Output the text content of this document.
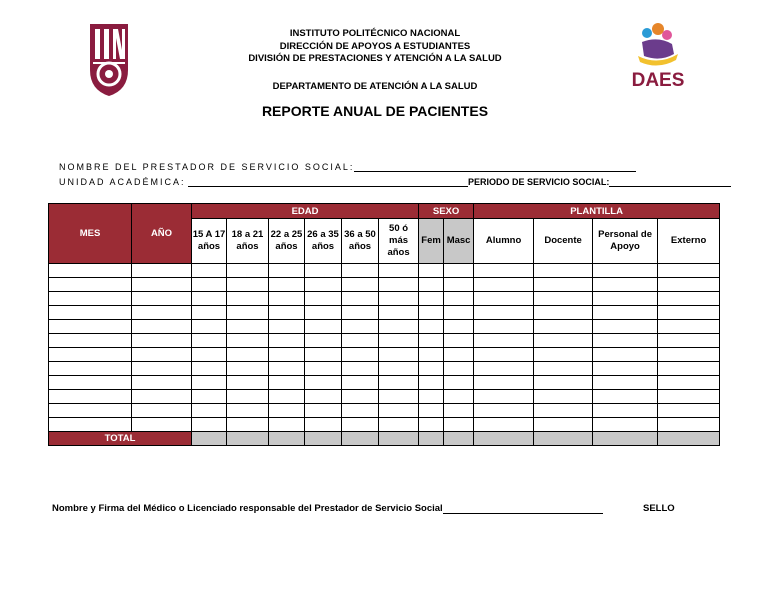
DAES
INSTITUTO POLITÉCNICO NACIONAL
DIRECCIÓN DE APOYOS A ESTUDIANTES
DIVISIÓN DE PRESTACIONES Y ATENCIÓN A LA SALUD
DEPARTAMENTO DE ATENCIÓN A LA SALUD
REPORTE ANUAL DE PACIENTES
NOMBRE DEL PRESTADOR DE SERVICIO SOCIAL:
UNIDAD ACADÉMICA:	PERIODO DE SERVICIO SOCIAL:
MES	AÑO	EDAD						SEXO		PLANTILLA			
		15 A 17 años	18 a 21 años	22 a 25 años	26 a 35 años	36 a 50 años	50 ó más años	Fem	Masc	Alumno	Docente	Personal de Apoyo	Externo

TOTAL													
Nombre y Firma del Médico o Licenciado responsable del Prestador de Servicio Social	SELLO
